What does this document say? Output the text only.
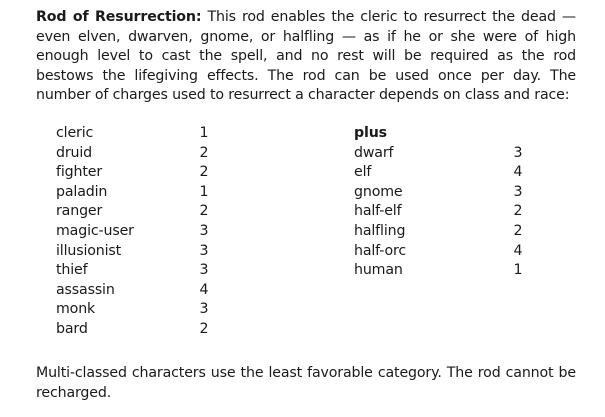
Rod of Resurrection: This rod enables the cleric to resurrect the dead — even elven, dwarven, gnome, or halfling — as if he or she were of high enough level to cast the spell, and no rest will be required as the rod bestows the lifegiving effects. The rod can be used once per day. The number of charges used to resurrect a character depends on class and race:
cleric
druid
fighter
paladin
ranger
magic-user
illusionist
thief
assassin
monk
bard
1
2
2
1
2
3
3
3
4
3
2
plus
dwarf
elf
gnome
half-elf
halfling
half-orc
human
3
4
3
2
2
4
1
Multi-classed characters use the least favorable category. The rod cannot be recharged.
